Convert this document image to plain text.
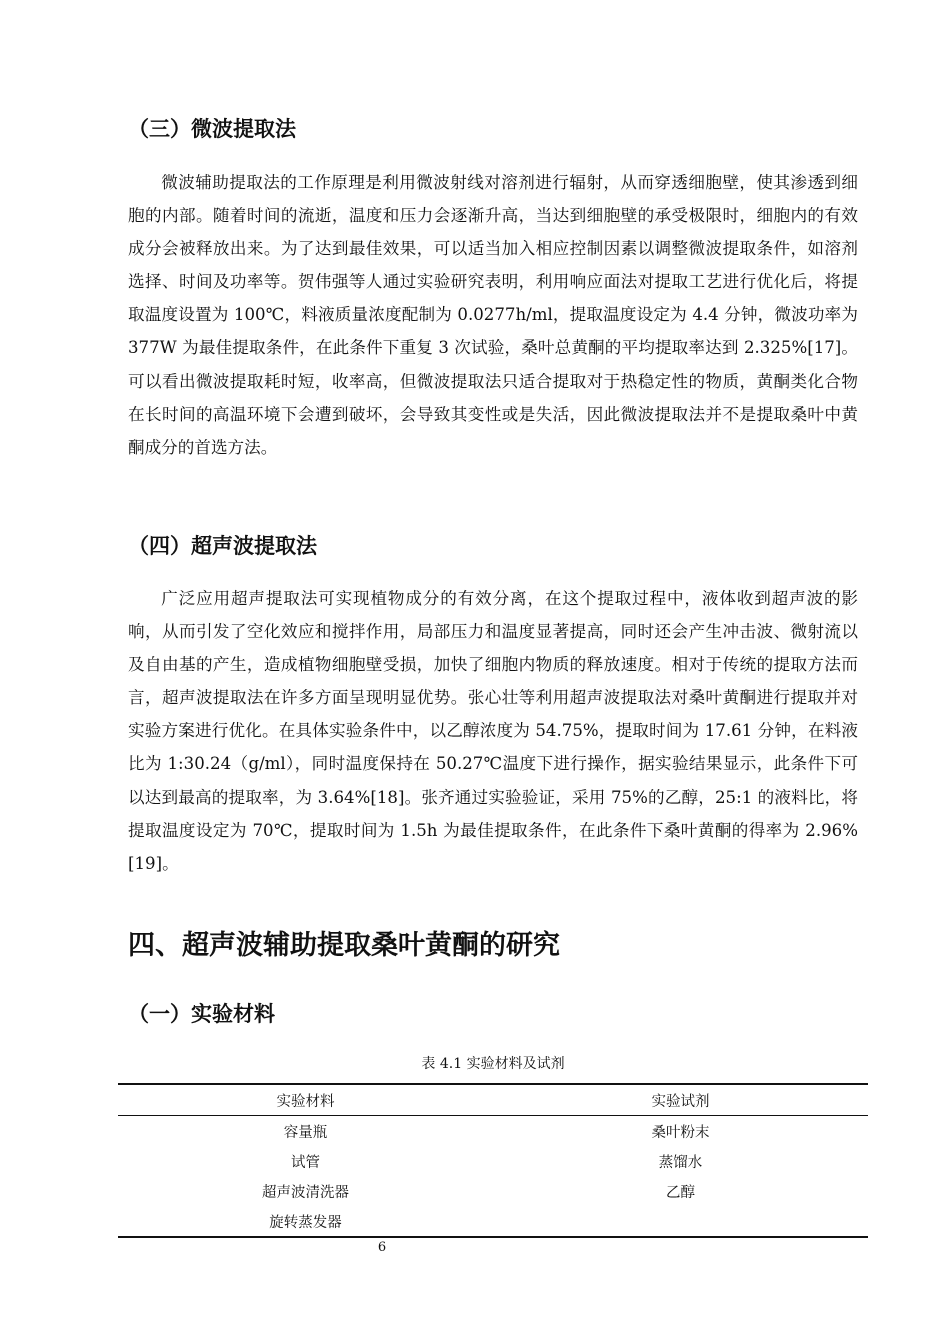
（三）微波提取法

微波辅助提取法的工作原理是利用微波射线对溶剂进行辐射，从而穿透细胞壁，使其渗透到细胞的内部。随着时间的流逝，温度和压力会逐渐升高，当达到细胞壁的承受极限时，细胞内的有效成分会被释放出来。为了达到最佳效果，可以适当加入相应控制因素以调整微波提取条件，如溶剂选择、时间及功率等。贺伟强等人通过实验研究表明，利用响应面法对提取工艺进行优化后，将提取温度设置为 100℃，料液质量浓度配制为 0.0277h/ml，提取温度设定为 4.4 分钟，微波功率为 377W 为最佳提取条件，在此条件下重复 3 次试验，桑叶总黄酮的平均提取率达到 2.325%[17]。可以看出微波提取耗时短，收率高，但微波提取法只适合提取对于热稳定性的物质，黄酮类化合物在长时间的高温环境下会遭到破坏，会导致其变性或是失活，因此微波提取法并不是提取桑叶中黄酮成分的首选方法。

（四）超声波提取法

广泛应用超声提取法可实现植物成分的有效分离，在这个提取过程中，液体收到超声波的影响，从而引发了空化效应和搅拌作用，局部压力和温度显著提高，同时还会产生冲击波、微射流以及自由基的产生，造成植物细胞壁受损，加快了细胞内物质的释放速度。相对于传统的提取方法而言，超声波提取法在许多方面呈现明显优势。张心壮等利用超声波提取法对桑叶黄酮进行提取并对实验方案进行优化。在具体实验条件中，以乙醇浓度为 54.75%，提取时间为 17.61 分钟，在料液比为 1:30.24（g/ml），同时温度保持在 50.27℃温度下进行操作，据实验结果显示，此条件下可以达到最高的提取率，为 3.64%[18]。张齐通过实验验证，采用 75%的乙醇，25:1 的液料比，将提取温度设定为 70℃，提取时间为 1.5h 为最佳提取条件，在此条件下桑叶黄酮的得率为 2.96%[19]。

四、超声波辅助提取桑叶黄酮的研究
（一）实验材料
表 4.1 实验材料及试剂
实验材料	实验试剂
容量瓶	桑叶粉末
试管	蒸馏水
超声波清洗器	乙醇
旋转蒸发器	
6
